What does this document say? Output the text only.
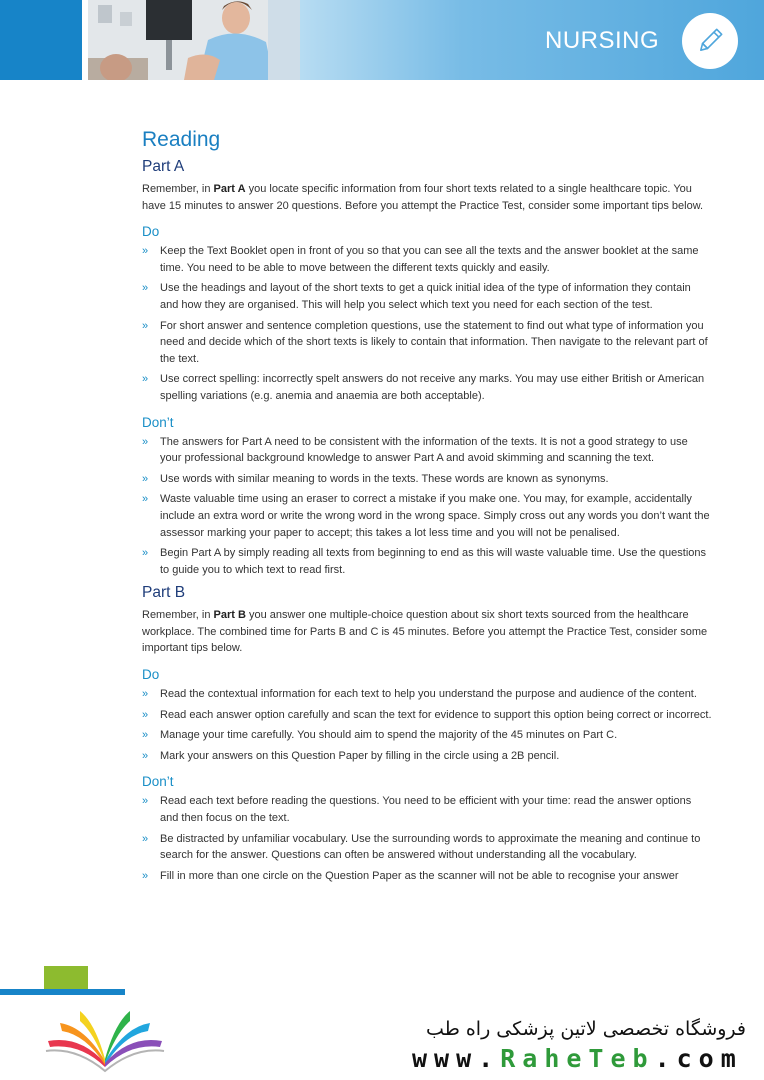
NURSING
Reading
Part A

Remember, in Part A you locate specific information from four short texts related to a single healthcare topic. You have 15 minutes to answer 20 questions. Before you attempt the Practice Test, consider some important tips below.

Do
» Keep the Text Booklet open in front of you so that you can see all the texts and the answer booklet at the same time. You need to be able to move between the different texts quickly and easily.
» Use the headings and layout of the short texts to get a quick initial idea of the type of information they contain and how they are organised. This will help you select which text you need for each section of the test.
» For short answer and sentence completion questions, use the statement to find out what type of information you need and decide which of the short texts is likely to contain that information. Then navigate to the relevant part of the text.
» Use correct spelling: incorrectly spelt answers do not receive any marks. You may use either British or American spelling variations (e.g. anemia and anaemia are both acceptable).
Don’t
» The answers for Part A need to be consistent with the information of the texts. It is not a good strategy to use your professional background knowledge to answer Part A and avoid skimming and scanning the text.
» Use words with similar meaning to words in the texts. These words are known as synonyms.
» Waste valuable time using an eraser to correct a mistake if you make one. You may, for example, accidentally include an extra word or write the wrong word in the wrong space. Simply cross out any words you don’t want the assessor marking your paper to accept; this takes a lot less time and you will not be penalised.
» Begin Part A by simply reading all texts from beginning to end as this will waste valuable time. Use the questions to guide you to which text to read first.
Part B

Remember, in Part B you answer one multiple-choice question about six short texts sourced from the healthcare workplace. The combined time for Parts B and C is 45 minutes. Before you attempt the Practice Test, consider some important tips below.

Do
» Read the contextual information for each text to help you understand the purpose and audience of the content.
» Read each answer option carefully and scan the text for evidence to support this option being correct or incorrect.
» Manage your time carefully. You should aim to spend the majority of the 45 minutes on Part C.
» Mark your answers on this Question Paper by filling in the circle using a 2B pencil.
Don’t
» Read each text before reading the questions. You need to be efficient with your time: read the answer options and then focus on the text.
» Be distracted by unfamiliar vocabulary. Use the surrounding words to approximate the meaning and continue to search for the answer. Questions can often be answered without understanding all the vocabulary.
» Fill in more than one circle on the Question Paper as the scanner will not be able to recognise your answer
فروشگاه تخصصی لاتین پزشکی راه طب
www.RaheTeb.com
